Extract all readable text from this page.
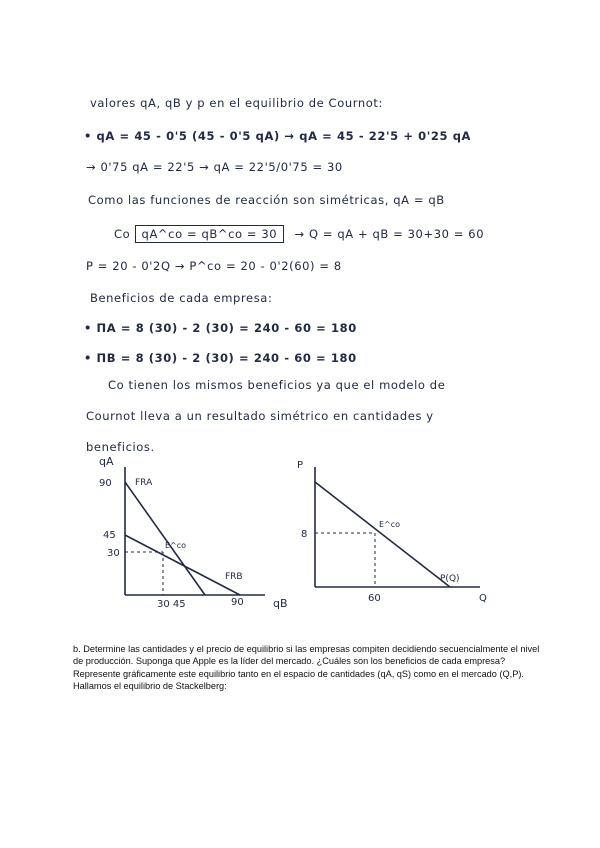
valores qA, qB y p en el equilibrio de Cournot:
• qA = 45 - 0'5 (45 - 0'5 qA) → qA = 45 - 22'5 + 0'25 qA
→ 0'75 qA = 22'5 → qA = 22'5/0'75 = 30
Como las funciones de reacción son simétricas, qA = qB
Co qA^co = qB^co = 30 → Q = qA + qB = 30+30 = 60
P = 20 - 0'2Q → P^co = 20 - 0'2(60) = 8
Beneficios de cada empresa:
• ΠA = 8 (30) - 2 (30) = 240 - 60 = 180
• ΠB = 8 (30) - 2 (30) = 240 - 60 = 180
Co tienen los mismos beneficios ya que el modelo de
Cournot lleva a un resultado simétrico en cantidades y
beneficios.
qA
90
45
30
FRA
E^co
FRB
30 45	90	qB
P
8
E^co
P(Q)
60	Q

b. Determine las cantidades y el precio de equilibrio si las empresas compiten decidiendo secuencialmente el nivel de producción. Suponga que Apple es la líder del mercado. ¿Cuáles son los beneficios de cada empresa? Represente gráficamente este equilibrio tanto en el espacio de cantidades (qA, qS) como en el mercado (Q,P).

Hallamos el equilibrio de Stackelberg:
